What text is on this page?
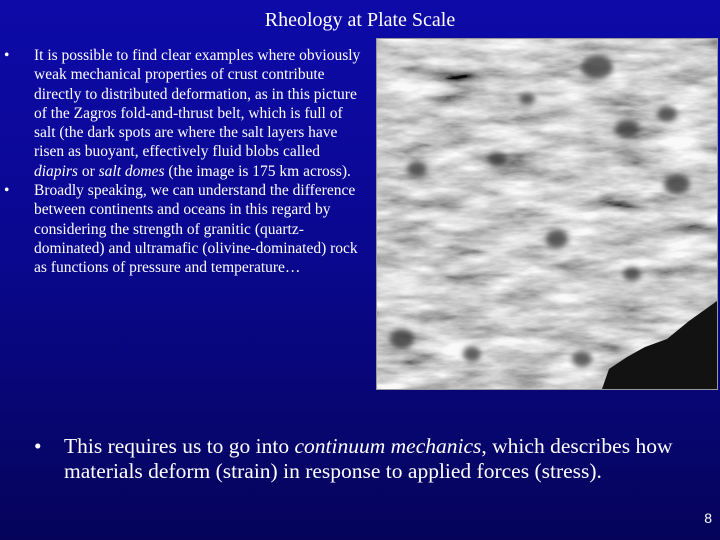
Rheology at Plate Scale
• It is possible to find clear examples where obviously weak mechanical properties of crust contribute directly to distributed deformation, as in this picture of the Zagros fold-and-thrust belt, which is full of salt (the dark spots are where the salt layers have risen as buoyant, effectively fluid blobs called diapirs or salt domes (the image is 175 km across).
• Broadly speaking, we can understand the difference between continents and oceans in this regard by considering the strength of granitic (quartz-dominated) and ultramafic (olivine-dominated) rock as functions of pressure and temperature…
• This requires us to go into continuum mechanics, which describes how materials deform (strain) in response to applied forces (stress).
8
